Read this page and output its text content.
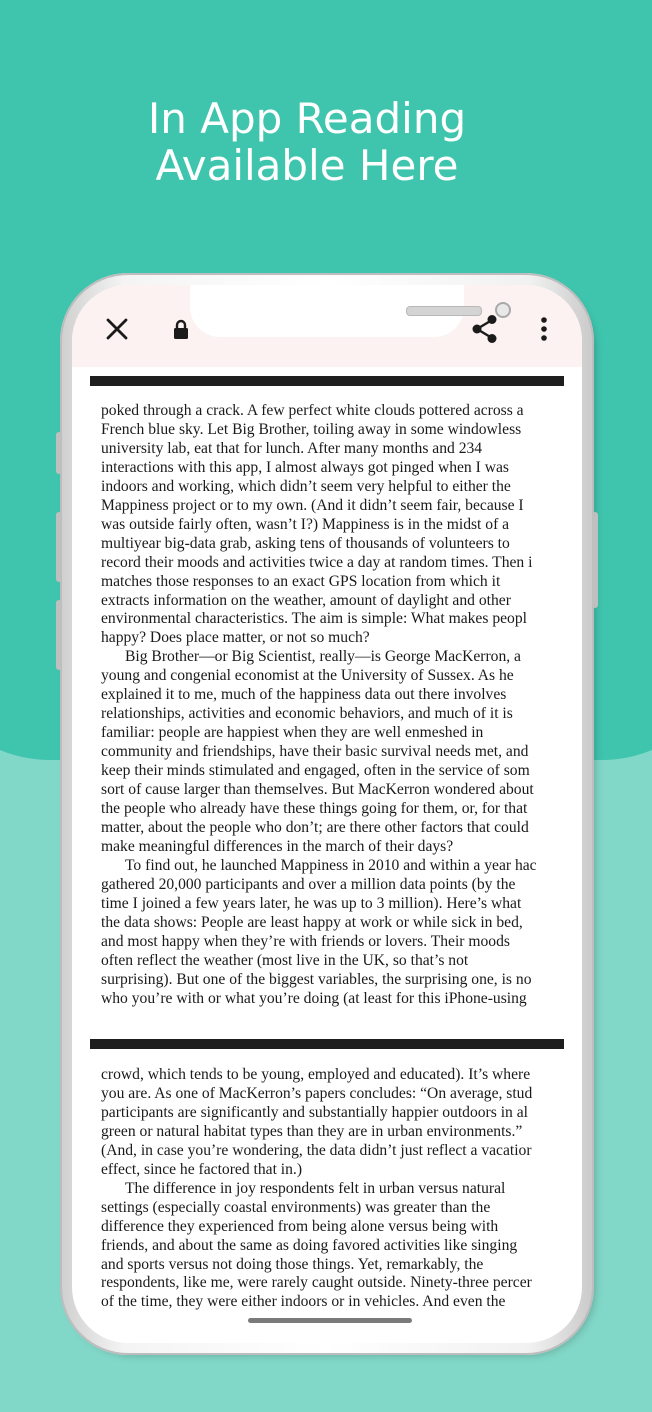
In App Reading
Available Here
poked through a crack. A few perfect white clouds pottered across a
French blue sky. Let Big Brother, toiling away in some windowless
university lab, eat that for lunch. After many months and 234
interactions with this app, I almost always got pinged when I was
indoors and working, which didn’t seem very helpful to either the
Mappiness project or to my own. (And it didn’t seem fair, because I
was outside fairly often, wasn’t I?) Mappiness is in the midst of a
multiyear big-data grab, asking tens of thousands of volunteers to
record their moods and activities twice a day at random times. Then i
matches those responses to an exact GPS location from which it
extracts information on the weather, amount of daylight and other
environmental characteristics. The aim is simple: What makes peopl
happy? Does place matter, or not so much?
Big Brother—or Big Scientist, really—is George MacKerron, a
young and congenial economist at the University of Sussex. As he
explained it to me, much of the happiness data out there involves
relationships, activities and economic behaviors, and much of it is
familiar: people are happiest when they are well enmeshed in
community and friendships, have their basic survival needs met, and
keep their minds stimulated and engaged, often in the service of som
sort of cause larger than themselves. But MacKerron wondered about
the people who already have these things going for them, or, for that
matter, about the people who don’t; are there other factors that could
make meaningful differences in the march of their days?
To find out, he launched Mappiness in 2010 and within a year hac
gathered 20,000 participants and over a million data points (by the
time I joined a few years later, he was up to 3 million). Here’s what
the data shows: People are least happy at work or while sick in bed,
and most happy when they’re with friends or lovers. Their moods
often reflect the weather (most live in the UK, so that’s not
surprising). But one of the biggest variables, the surprising one, is no
who you’re with or what you’re doing (at least for this iPhone-using
crowd, which tends to be young, employed and educated). It’s where
you are. As one of MacKerron’s papers concludes: “On average, stud
participants are significantly and substantially happier outdoors in al
green or natural habitat types than they are in urban environments.”
(And, in case you’re wondering, the data didn’t just reflect a vacatior
effect, since he factored that in.)
The difference in joy respondents felt in urban versus natural
settings (especially coastal environments) was greater than the
difference they experienced from being alone versus being with
friends, and about the same as doing favored activities like singing
and sports versus not doing those things. Yet, remarkably, the
respondents, like me, were rarely caught outside. Ninety-three percer
of the time, they were either indoors or in vehicles. And even the
